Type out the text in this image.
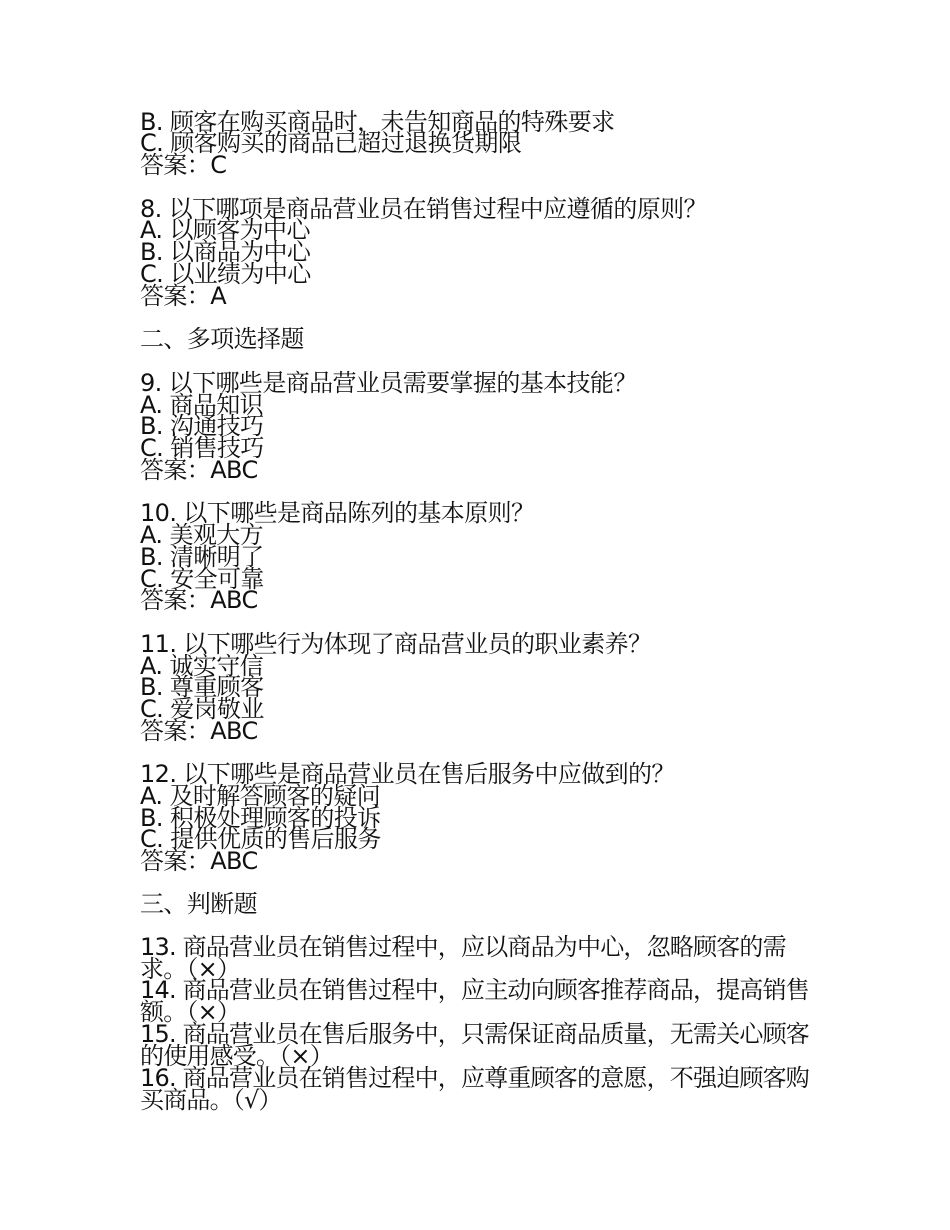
B. 顾客在购买商品时，未告知商品的特殊要求
C. 顾客购买的商品已超过退换货期限
答案：C
8. 以下哪项是商品营业员在销售过程中应遵循的原则？
A. 以顾客为中心
B. 以商品为中心
C. 以业绩为中心
答案：A
二、多项选择题
9. 以下哪些是商品营业员需要掌握的基本技能？
A. 商品知识
B. 沟通技巧
C. 销售技巧
答案：ABC
10. 以下哪些是商品陈列的基本原则？
A. 美观大方
B. 清晰明了
C. 安全可靠
答案：ABC
11. 以下哪些行为体现了商品营业员的职业素养？
A. 诚实守信
B. 尊重顾客
C. 爱岗敬业
答案：ABC
12. 以下哪些是商品营业员在售后服务中应做到的？
A. 及时解答顾客的疑问
B. 积极处理顾客的投诉
C. 提供优质的售后服务
答案：ABC
三、判断题
13. 商品营业员在销售过程中，应以商品为中心，忽略顾客的需求。（×）
14. 商品营业员在销售过程中，应主动向顾客推荐商品，提高销售额。（×）
15. 商品营业员在售后服务中，只需保证商品质量，无需关心顾客的使用感受。（×）
16. 商品营业员在销售过程中，应尊重顾客的意愿，不强迫顾客购买商品。（√）
